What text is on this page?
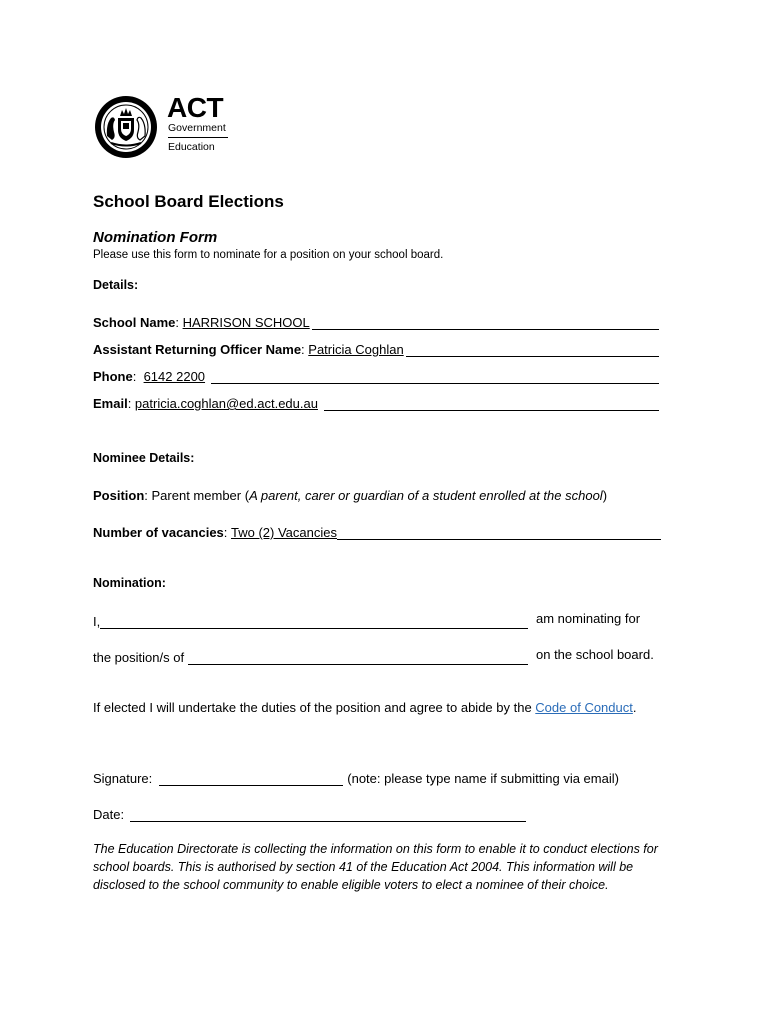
ACT
Government
Education
School Board Elections
Nomination Form
Please use this form to nominate for a position on your school board.
Details:
School Name : HARRISON SCHOOL
Assistant Returning Officer Name : Patricia Coghlan
Phone : 6142 2200
Email : patricia.coghlan@ed.act.edu.au
Nominee Details:
Position: Parent member (A parent, carer or guardian of a student enrolled at the school)
Number of vacancies : Two (2) Vacancies
Nomination:
I,	am nominating for
the position/s of	on the school board.
If elected I will undertake the duties of the position and agree to abide by the Code of Conduct.
Signature:	(note: please type name if submitting via email)
Date:
The Education Directorate is collecting the information on this form to enable it to conduct elections for school boards. This is authorised by section 41 of the Education Act 2004. This information will be disclosed to the school community to enable eligible voters to elect a nominee of their choice.
